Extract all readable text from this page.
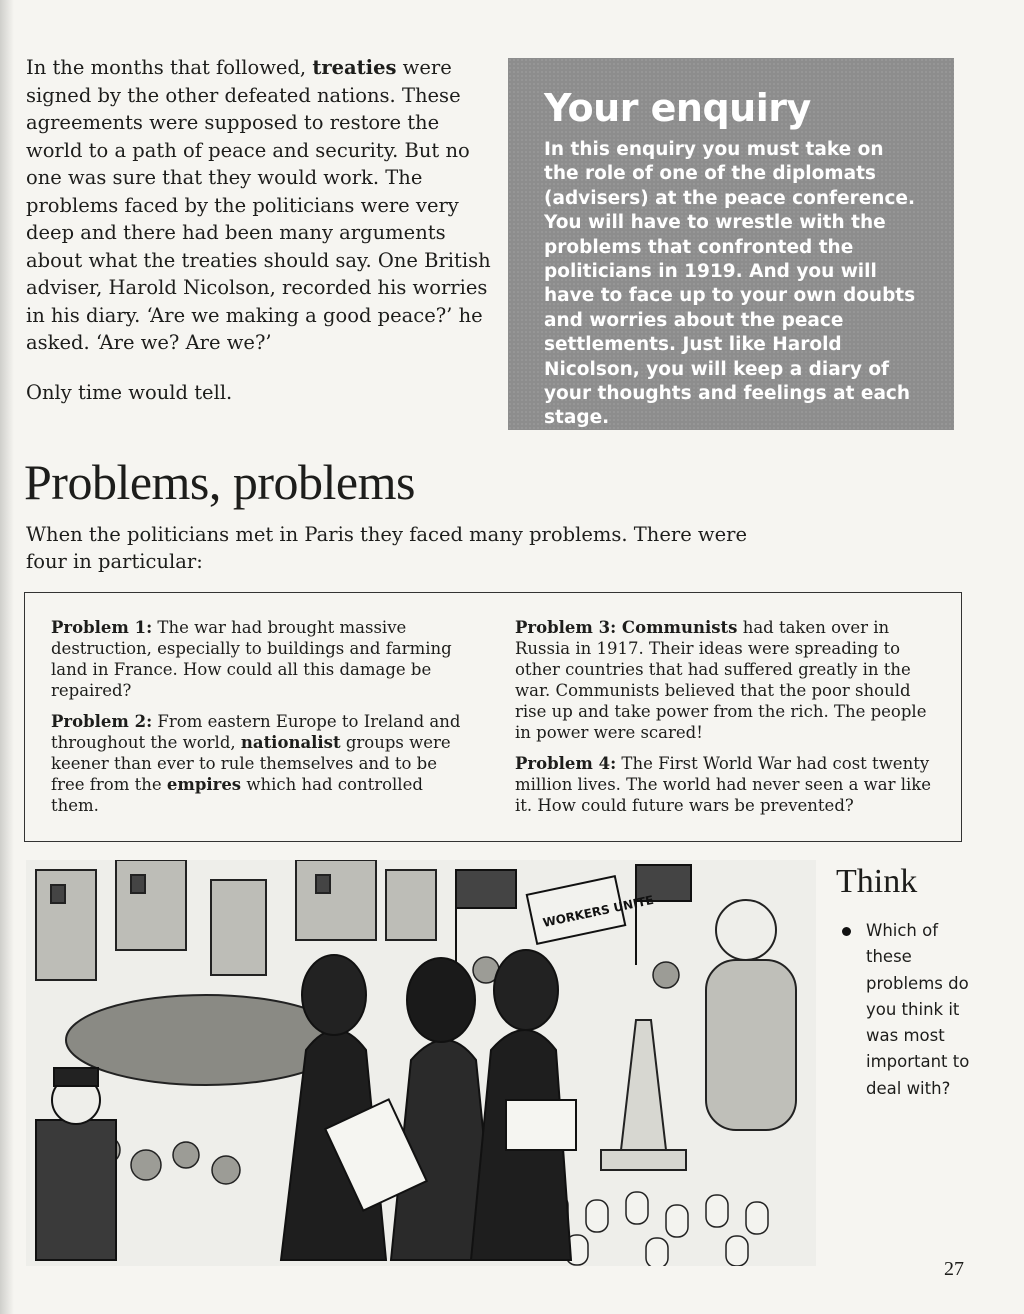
In the months that followed, treaties were signed by the other defeated nations. These agreements were supposed to restore the world to a path of peace and security. But no one was sure that they would work. The problems faced by the politicians were very deep and there had been many arguments about what the treaties should say. One British adviser, Harold Nicolson, recorded his worries in his diary. ‘Are we making a good peace?’ he asked. ‘Are we? Are we?’

Only time would tell.

Your enquiry

In this enquiry you must take on the role of one of the diplomats (advisers) at the peace conference. You will have to wrestle with the problems that confronted the politicians in 1919. And you will have to face up to your own doubts and worries about the peace settlements. Just like Harold Nicolson, you will keep a diary of your thoughts and feelings at each stage.

Problems, problems

When the politicians met in Paris they faced many problems. There were four in particular:

Problem 1: The war had brought massive destruction, especially to buildings and farming land in France. How could all this damage be repaired?

Problem 2: From eastern Europe to Ireland and throughout the world, nationalist groups were keener than ever to rule themselves and to be free from the empires which had controlled them.

Problem 3: Communists had taken over in Russia in 1917. Their ideas were spreading to other countries that had suffered greatly in the war. Communists believed that the poor should rise up and take power from the rich. The people in power were scared!

Problem 4: The First World War had cost twenty million lives. The world had never seen a war like it. How could future wars be prevented?

WORKERS UNITE
Think
Which of these problems do you think it was most important to deal with?
27
